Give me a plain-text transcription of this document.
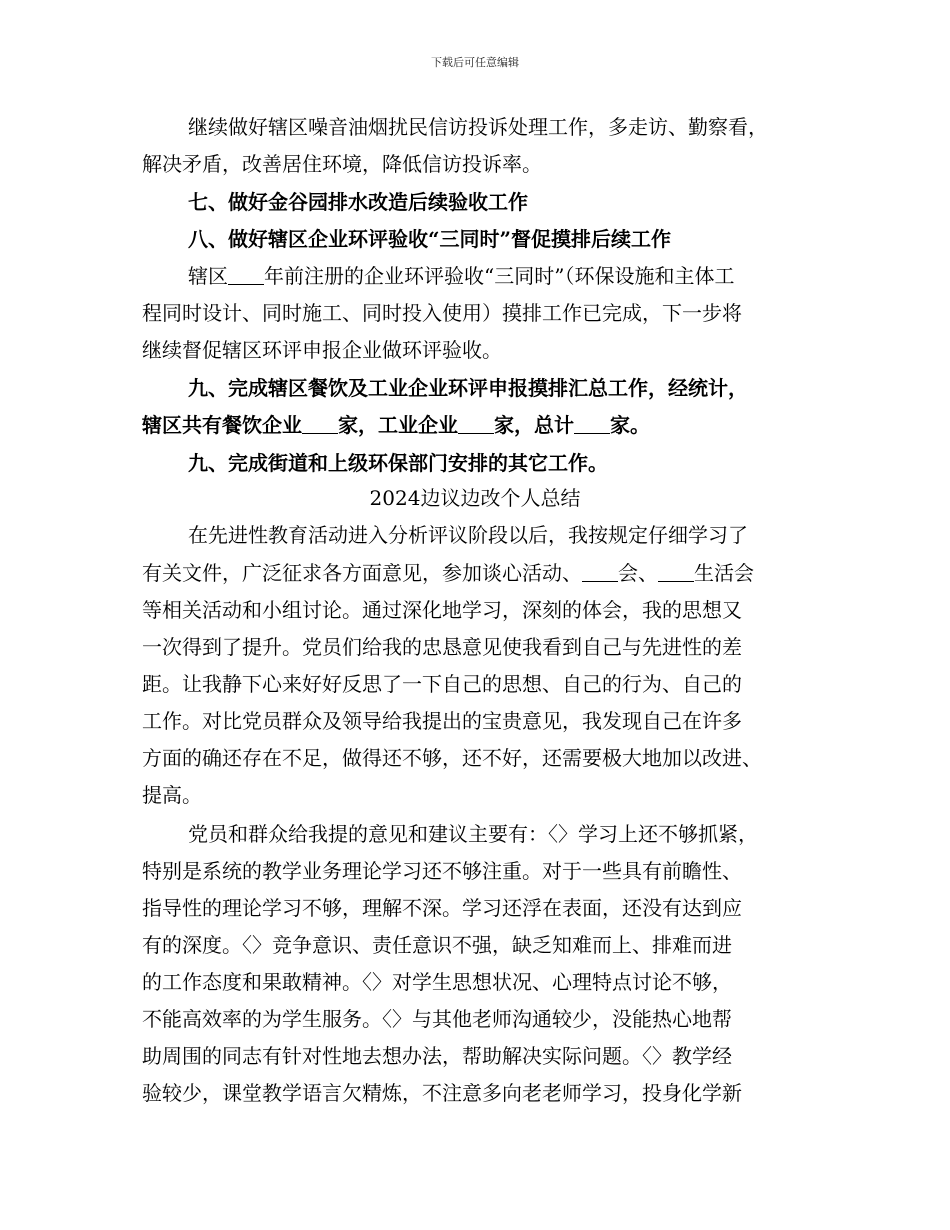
下载后可任意编辑
继续做好辖区噪音油烟扰民信访投诉处理工作，多走访、勤察看，
解决矛盾，改善居住环境，降低信访投诉率。
七、做好金谷园排水改造后续验收工作
八、做好辖区企业环评验收“三同时”督促摸排后续工作
程同时设计、同时施工、同时投入使用）摸排工作已完成，下一步将
继续督促辖区环评申报企业做环评验收。
九、完成辖区餐饮及工业企业环评申报摸排汇总工作，经统计，
九、完成街道和上级环保部门安排的其它工作。
在先进性教育活动进入分析评议阶段以后，我按规定仔细学习了
一次得到了提升。党员们给我的忠恳意见使我看到自己与先进性的差
距。让我静下心来好好反思了一下自己的思想、自己的行为、自己的
工作。对比党员群众及领导给我提出的宝贵意见，我发现自己在许多
方面的确还存在不足，做得还不够，还不好，还需要极大地加以改进、
提高。
党员和群众给我提的意见和建议主要有：〈〉学习上还不够抓紧，
特别是系统的教学业务理论学习还不够注重。对于一些具有前瞻性、
指导性的理论学习不够，理解不深。学习还浮在表面，还没有达到应
有的深度。〈〉竞争意识、责任意识不强，缺乏知难而上、排难而进
的工作态度和果敢精神。〈〉对学生思想状况、心理特点讨论不够，
不能高效率的为学生服务。〈〉与其他老师沟通较少，没能热心地帮
助周围的同志有针对性地去想办法，帮助解决实际问题。〈〉教学经
验较少，课堂教学语言欠精炼，不注意多向老老师学习，投身化学新
辖区 年前注册的企业环评验收“三同时”（环保设施和主体工
辖区共有餐饮企业 家，工业企业 家，总计 家。
2024边议边改个人总结
有关文件，广泛征求各方面意见，参加谈心活动、 会、 生活会
等相关活动和小组讨论。通过深化地学习，深刻的体会，我的思想又
